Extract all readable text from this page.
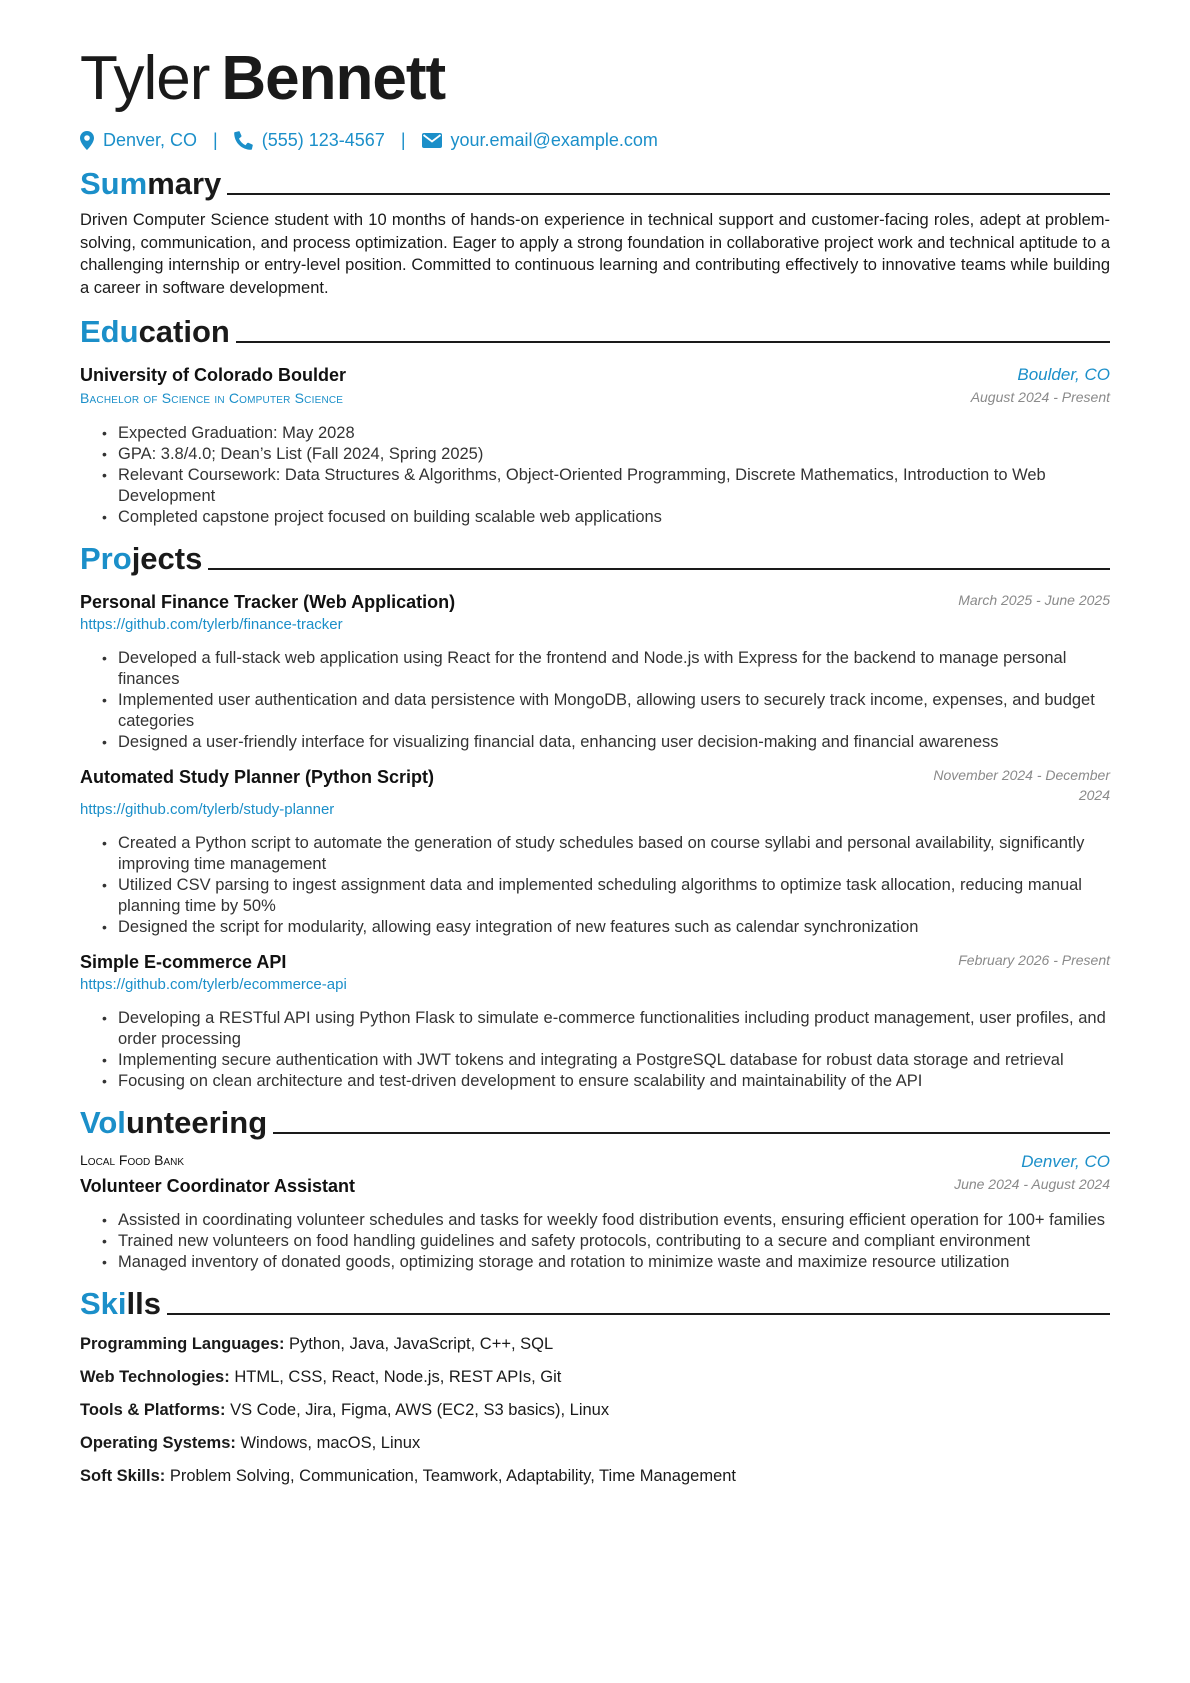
Tyler Bennett
Denver, CO | (555) 123-4567 |	your.email@example.com
Summary

Driven Computer Science student with 10 months of hands-on experience in technical support and customer-facing roles, adept at problem-solving, communication, and process optimization. Eager to apply a strong foundation in collaborative project work and technical aptitude to a challenging internship or entry-level position. Committed to continuous learning and contributing effectively to innovative teams while building a career in software development.

Education
University of Colorado Boulder	Boulder, CO
Bachelor of Science in Computer Science	August 2024 - Present
• Expected Graduation: May 2028
• GPA: 3.8/4.0; Dean’s List (Fall 2024, Spring 2025)
• Relevant Coursework: Data Structures & Algorithms, Object-Oriented Programming, Discrete Mathematics, Introduction to Web Development
• Completed capstone project focused on building scalable web applications
Projects
Personal Finance Tracker (Web Application)	March 2025 - June 2025
https://github.com/tylerb/finance-tracker
• Developed a full-stack web application using React for the frontend and Node.js with Express for the backend to manage personal finances
• Implemented user authentication and data persistence with MongoDB, allowing users to securely track income, expenses, and budget categories
• Designed a user-friendly interface for visualizing financial data, enhancing user decision-making and financial awareness
Automated Study Planner (Python Script)	November 2024 - December
2024
https://github.com/tylerb/study-planner
• Created a Python script to automate the generation of study schedules based on course syllabi and personal availability, significantly improving time management
• Utilized CSV parsing to ingest assignment data and implemented scheduling algorithms to optimize task allocation, reducing manual planning time by 50%
• Designed the script for modularity, allowing easy integration of new features such as calendar synchronization
Simple E-commerce API	February 2026 - Present
https://github.com/tylerb/ecommerce-api
• Developing a RESTful API using Python Flask to simulate e-commerce functionalities including product management, user profiles, and order processing
• Implementing secure authentication with JWT tokens and integrating a PostgreSQL database for robust data storage and retrieval
• Focusing on clean architecture and test-driven development to ensure scalability and maintainability of the API
Volunteering
Local Food Bank	Denver, CO
Volunteer Coordinator Assistant	June 2024 - August 2024
• Assisted in coordinating volunteer schedules and tasks for weekly food distribution events, ensuring efficient operation for 100+ families
• Trained new volunteers on food handling guidelines and safety protocols, contributing to a secure and compliant environment
• Managed inventory of donated goods, optimizing storage and rotation to minimize waste and maximize resource utilization
Skills
Programming Languages: Python, Java, JavaScript, C++, SQL
Web Technologies: HTML, CSS, React, Node.js, REST APIs, Git
Tools & Platforms: VS Code, Jira, Figma, AWS (EC2, S3 basics), Linux
Operating Systems: Windows, macOS, Linux
Soft Skills: Problem Solving, Communication, Teamwork, Adaptability, Time Management
